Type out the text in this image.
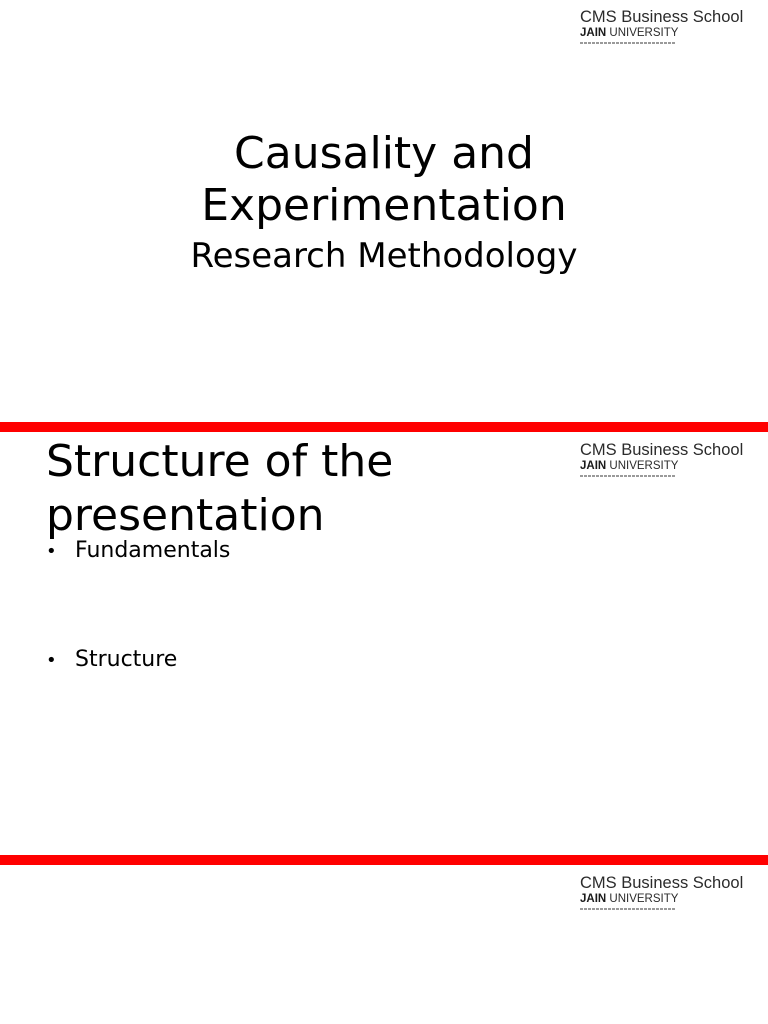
CMS Business School
JAIN UNIVERSITY
Causality and Experimentation
Research Methodology
Structure of the presentation
CMS Business School
JAIN UNIVERSITY
• Fundamentals
• Structure
CMS Business School
JAIN UNIVERSITY
